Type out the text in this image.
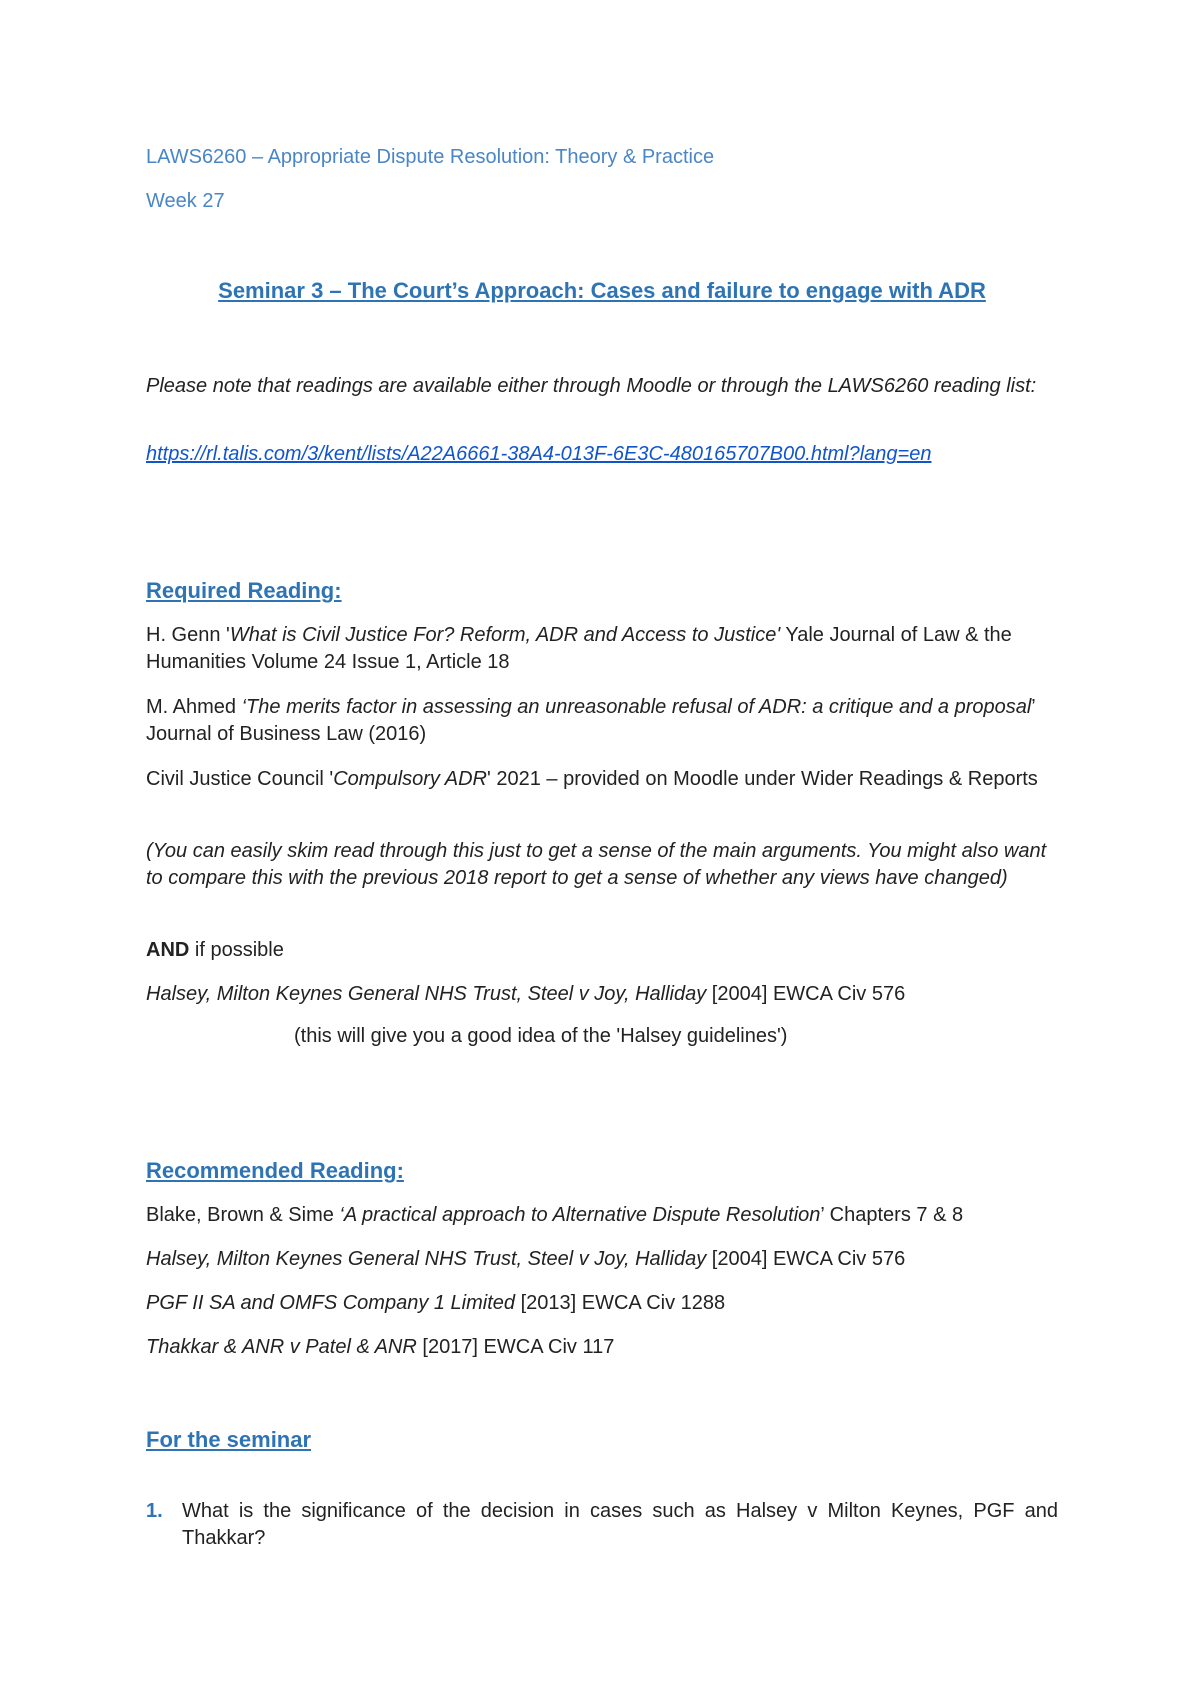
LAWS6260 – Appropriate Dispute Resolution: Theory & Practice
Week 27
Seminar 3 – The Court’s Approach: Cases and failure to engage with ADR
Please note that readings are available either through Moodle or through the LAWS6260 reading list:
https://rl.talis.com/3/kent/lists/A22A6661-38A4-013F-6E3C-480165707B00.html?lang=en
Required Reading:
H. Genn 'What is Civil Justice For? Reform, ADR and Access to Justice' Yale Journal of Law & the Humanities Volume 24 Issue 1, Article 18
M. Ahmed ‘The merits factor in assessing an unreasonable refusal of ADR: a critique and a proposal’ Journal of Business Law (2016)
Civil Justice Council 'Compulsory ADR' 2021 – provided on Moodle under Wider Readings & Reports
(You can easily skim read through this just to get a sense of the main arguments. You might also want to compare this with the previous 2018 report to get a sense of whether any views have changed)
AND if possible
Halsey, Milton Keynes General NHS Trust, Steel v Joy, Halliday [2004] EWCA Civ 576
(this will give you a good idea of the 'Halsey guidelines')
Recommended Reading:
Blake, Brown & Sime ‘A practical approach to Alternative Dispute Resolution’ Chapters 7 & 8
Halsey, Milton Keynes General NHS Trust, Steel v Joy, Halliday [2004] EWCA Civ 576
PGF II SA and OMFS Company 1 Limited [2013] EWCA Civ 1288
Thakkar & ANR v Patel & ANR [2017] EWCA Civ 117
For the seminar
1. What is the significance of the decision in cases such as Halsey v Milton Keynes, PGF and Thakkar?
